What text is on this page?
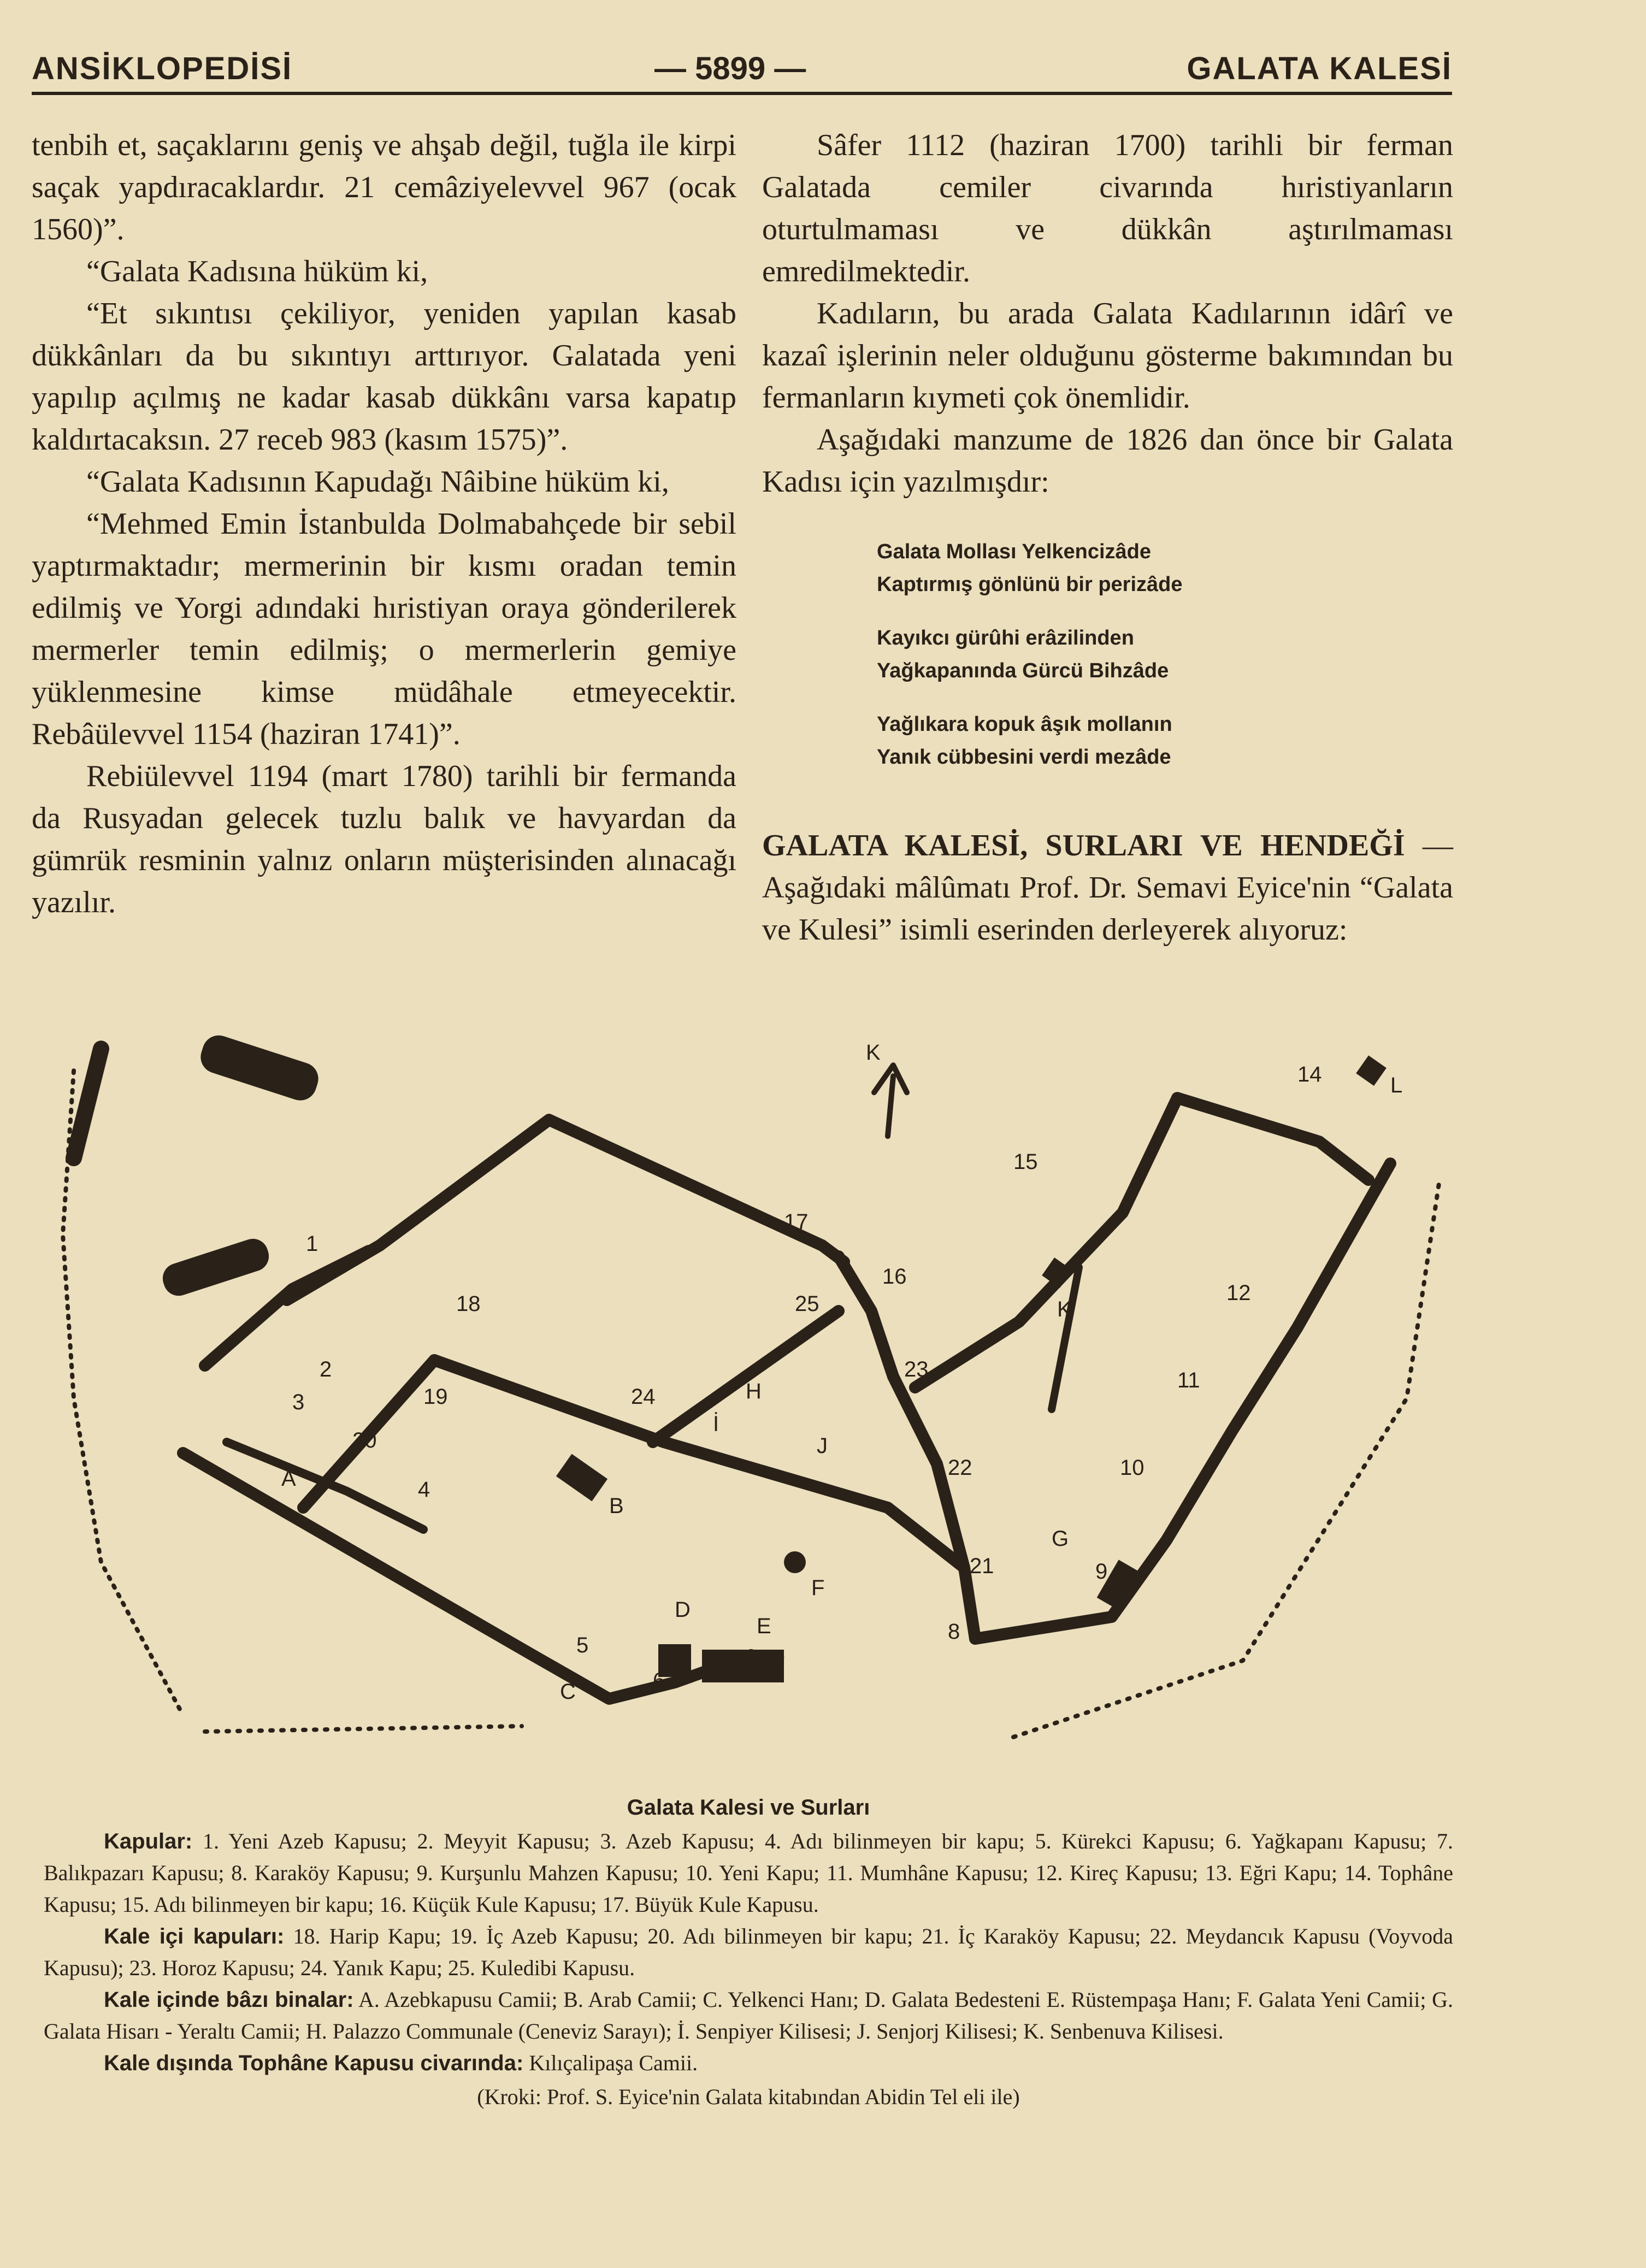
ANSİKLOPEDİSİ	— 5899 —	GALATA KALESİ

tenbih et, saçaklarını geniş ve ahşab değil, tuğla ile kirpi saçak yapdıracaklardır. 21 cemâziyelevvel 967 (ocak 1560)”.

“Galata Kadısına hüküm ki,

“Et sıkıntısı çekiliyor, yeniden yapılan kasab dükkânları da bu sıkıntıyı arttırıyor. Galatada yeni yapılıp açılmış ne kadar kasab dükkânı varsa kapatıp kaldırtacaksın. 27 receb 983 (kasım 1575)”.

“Galata Kadısının Kapudağı Nâibine hüküm ki,

“Mehmed Emin İstanbulda Dolmabahçede bir sebil yaptırmaktadır; mermerinin bir kısmı oradan temin edilmiş ve Yorgi adındaki hıristiyan oraya gönderilerek mermerler temin edilmiş; o mermerlerin gemiye yüklenmesine kimse müdâhale etmeyecektir. Rebâülevvel 1154 (haziran 1741)”.

Rebiülevvel 1194 (mart 1780) tarihli bir fermanda da Rusyadan gelecek tuzlu balık ve havyardan da gümrük resminin yalnız onların müşterisinden alınacağı yazılır.

Sâfer 1112 (haziran 1700) tarihli bir ferman Galatada cemiler civarında hıristiyanların oturtulmaması ve dükkân aştırılmaması emredilmektedir.

Kadıların, bu arada Galata Kadılarının idârî ve kazaî işlerinin neler olduğunu gösterme bakımından bu fermanların kıymeti çok önemlidir.

Aşağıdaki manzume de 1826 dan önce bir Galata Kadısı için yazılmışdır:

Galata Mollası Yelkencizâde
Kaptırmış gönlünü bir perizâde
Kayıkcı gürûhi erâzilinden
Yağkapanında Gürcü Bihzâde
Yağlıkara kopuk âşık mollanın
Yanık cübbesini verdi mezâde
GALATA KALESİ, SURLARI VE HENDEĞİ — Aşağıdaki mâlûmatı Prof. Dr. Semavi Eyice'nin “Galata ve Kulesi” isimli eserinden derleyerek alıyoruz:
K
1
2
3
4
5
6
7
8
9
10
11
12
14
15
16
17
18
19
20
21
22
23
24
25
A
B
C
D
E
F
G
H
İ
J
K
L
Galata Kalesi ve Surları

Kapular: 1. Yeni Azeb Kapusu; 2. Meyyit Kapusu; 3. Azeb Kapusu; 4. Adı bilinmeyen bir kapu; 5. Kürekci Kapusu; 6. Yağkapanı Kapusu; 7. Balıkpazarı Kapusu; 8. Karaköy Kapusu; 9. Kurşunlu Mahzen Kapusu; 10. Yeni Kapu; 11. Mumhâne Kapusu; 12. Kireç Kapusu; 13. Eğri Kapu; 14. Tophâne Kapusu; 15. Adı bilinmeyen bir kapu; 16. Küçük Kule Kapusu; 17. Büyük Kule Kapusu.

Kale içi kapuları: 18. Harip Kapu; 19. İç Azeb Kapusu; 20. Adı bilinmeyen bir kapu; 21. İç Karaköy Kapusu; 22. Meydancık Kapusu (Voyvoda Kapusu); 23. Horoz Kapusu; 24. Yanık Kapu; 25. Kuledibi Kapusu.

Kale içinde bâzı binalar: A. Azebkapusu Camii; B. Arab Camii; C. Yelkenci Hanı; D. Galata Bedesteni E. Rüstempaşa Hanı; F. Galata Yeni Camii; G. Galata Hisarı - Yeraltı Camii; H. Palazzo Communale (Ceneviz Sarayı); İ. Senpiyer Kilisesi; J. Senjorj Kilisesi; K. Senbenuva Kilisesi.

Kale dışında Tophâne Kapusu civarında: Kılıçalipaşa Camii.

(Kroki: Prof. S. Eyice'nin Galata kitabından Abidin Tel eli ile)
